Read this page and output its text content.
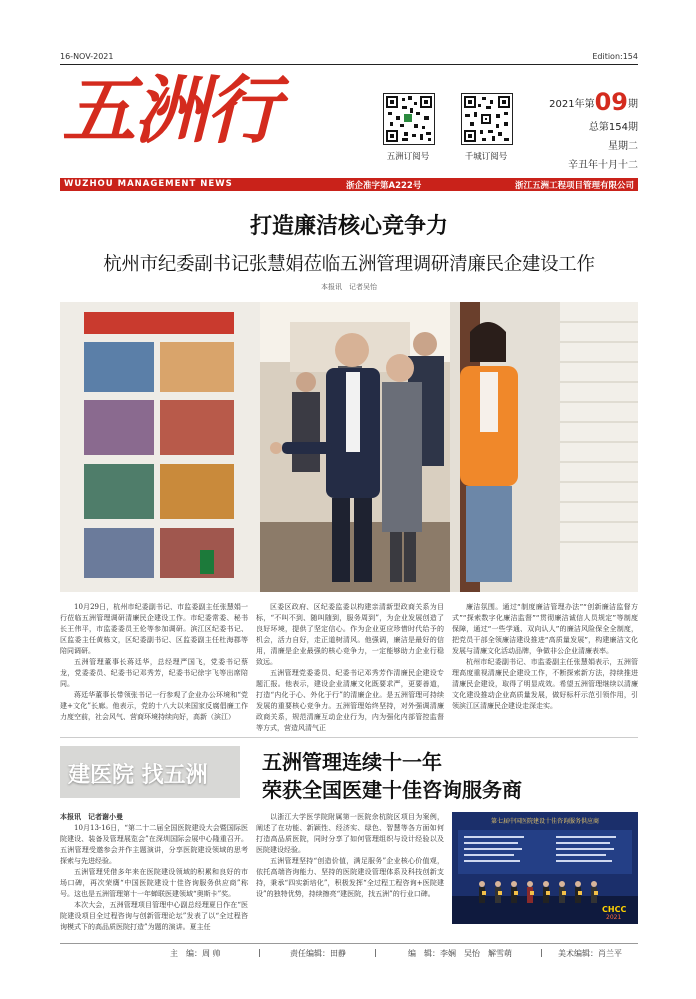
16-NOV-2021	Edition:154
五洲行
五洲订阅号	千城订阅号
2021年第09期
总第154期
星期二
辛丑年十月十二
WUZHOU MANAGEMENT NEWS	浙企准字第A222号	浙江五洲工程项目管理有限公司
打造廉洁核心竞争力
杭州市纪委副书记张慧娟莅临五洲管理调研清廉民企建设工作
本报讯　记者吴怡

10月29日，杭州市纪委副书记、市监委副主任张慧娟一行莅临五洲管理调研清廉民企建设工作。市纪委常委、秘书长王伟平，市监委委员王伦等参加调研。滨江区纪委书记、区监委主任黄栋文，区纪委副书记、区监委副主任杜海郡等陪同调研。

五洲管理董事长蒋廷华，总经理严国飞，党委书记蔡龙，党委委员、纪委书记邓秀芳，纪委书记徐宇飞等出席陪同。

蒋廷华董事长带领张书记一行参观了企业办公环境和“党建+文化”长廊。他表示，党的十八大以来国家反腐倡廉工作力度空前，社会风气、营商环境持续向好，高新（滨江）

区委区政府、区纪委监委以构建亲清新型政商关系为目标，“不叫不到、随叫随到，服务周到”，为企业发展创造了良好环境，提供了坚定信心。作为企业更应珍惜时代给予的机会，活力自好，走正道树清风。他强调，廉洁是最好的信用，清廉是企业最强的核心竞争力，一定能够助力企业行稳致远。

五洲管理党委委员、纪委书记邓秀芳作清廉民企建设专题汇报。他表示，建设企业清廉文化既要求严，更要善道，打造“内化于心、外化于行”的清廉企业。是五洲管理可持续发展的重要核心竞争力。五洲管理始终坚持，对外强调清廉政商关系，规范清廉互动企业行为，内为强化内部管控监督等方式，营造风清气正

廉洁氛围。通过“制度廉洁管理办法”“创新廉洁监督方式”“探索数字化廉洁监督”“贯彻廉洁诚信人员规定”等制度保障，通过“一些学通、双向认人”的廉洁风险保全全制度，把党员干部全领廉洁建设推进“高质量发展”，构建廉洁文化发展与清廉文化活动品牌，争做非公企业清廉表率。

杭州市纪委副书记、市监委副主任张慧娟表示，五洲管理高度重视清廉民企建设工作，不断探索新方法，持续推进清廉民企建设，取得了明显成效。希望五洲管理继续以清廉文化建设推动企业高质量发展，做好标杆示范引领作用，引领滨江区清廉民企建设走深走实。

建医院 找五洲
五洲管理连续十一年
荣获全国医建十佳咨询服务商
本报讯　记者谢小曼

10月13-16日，“第二十二届全国医院建设大会暨国际医院建设、装备及管理展览会”在深圳国际会展中心隆重召开。五洲管理受邀参会并作主题演讲，分享医院建设领域的思考探索与先进经验。

五洲管理凭借多年来在医院建设领域的积累和良好的市场口碑，再次荣膺“中国医院建设十佳咨询服务供应商”称号。这也是五洲管理第十一年蝉联医建领域“奥斯卡”奖。

本次大会，五洲管理项目管理中心副总经理夏日作在“医院建设项目全过程咨询与创新管理论坛”发表了以“全过程咨询模式下的高品质医院打造”为题的演讲。夏主任

以浙江大学医学院附属第一医院余杭院区项目为案例，阐述了在功能、新颖性、经济实、绿色、智慧等各方面如何打造高品质医院，同时分享了如何管理组织与设计经验以及医院建设经验。

五洲管理坚持“创造价值，满足服务”企业核心价值观，依托高端咨询能力、坚持的医院建设管理体系及科技创新支持，秉承“四实新培化”，积极发挥“全过程工程咨询+医院建设”的独特优势，持续擦亮“建医院，找五洲”的行业口碑。

第七届中国医院建设十佳咨询服务供应商
CHCC
2021
主　编：周 帅	|	责任编辑：田静	|	编　辑：李娴　吴怡　解雪萌	| 美术编辑：肖兰平
